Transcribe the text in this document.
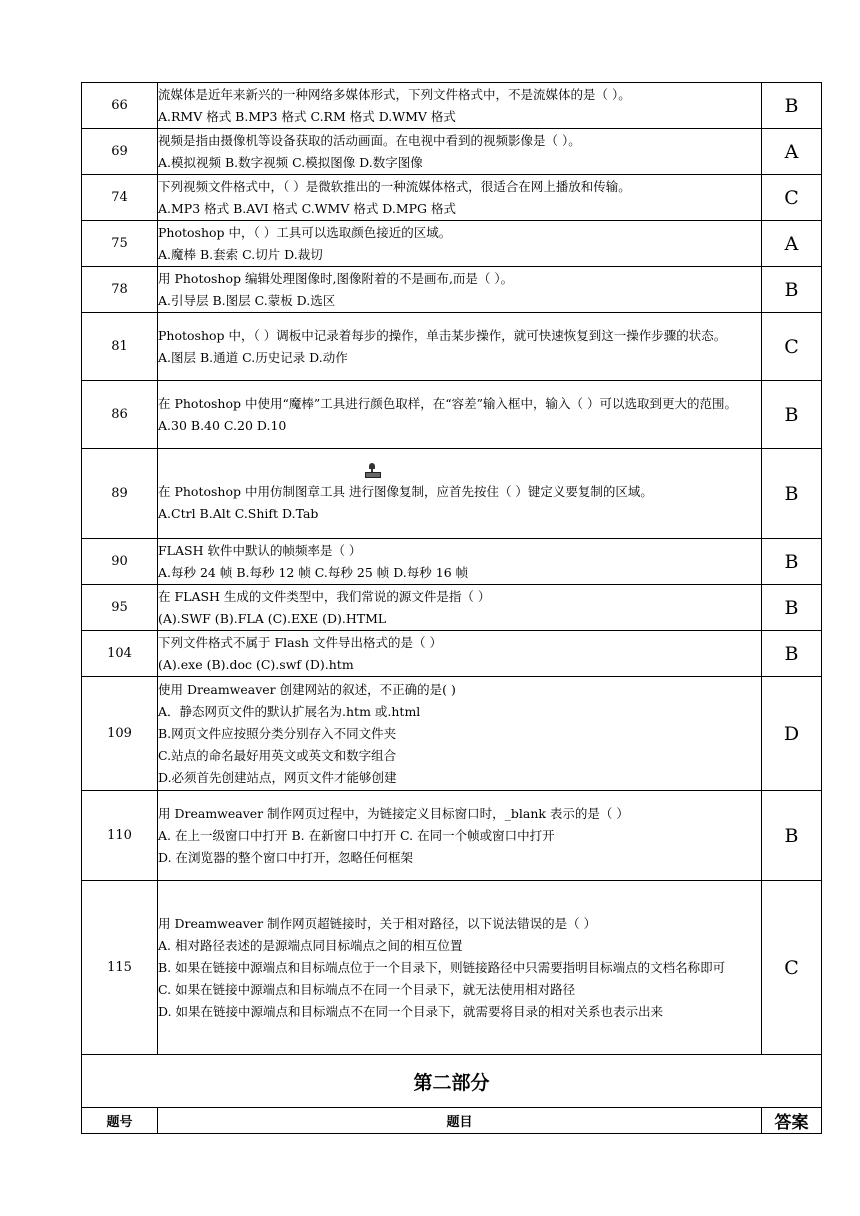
66	流媒体是近年来新兴的一种网络多媒体形式，下列文件格式中，不是流媒体的是（ ）。
A.RMV 格式 B.MP3 格式 C.RM 格式 D.WMV 格式	B
69	视频是指由摄像机等设备获取的活动画面。在电视中看到的视频影像是（ ）。
A.模拟视频 B.数字视频 C.模拟图像 D.数字图像	A
74	下列视频文件格式中，（ ）是微软推出的一种流媒体格式，很适合在网上播放和传输。
A.MP3 格式 B.AVI 格式 C.WMV 格式 D.MPG 格式	C
75	Photoshop 中，（ ）工具可以选取颜色接近的区域。
A.魔棒 B.套索 C.切片 D.裁切	A
78	用 Photoshop 编辑处理图像时,图像附着的不是画布,而是（ ）。
A.引导层 B.图层 C.蒙板 D.选区	B
81	Photoshop 中，（ ）调板中记录着每步的操作，单击某步操作，就可快速恢复到这一操作步骤的状态。
A.图层 B.通道 C.历史记录 D.动作	C
86	在 Photoshop 中使用“魔棒”工具进行颜色取样，在“容差”输入框中，输入（ ）可以选取到更大的范围。
A.30 B.40 C.20 D.10	B
89	在 Photoshop 中用仿制图章工具 进行图像复制，应首先按住（ ）键定义要复制的区域。
A.Ctrl B.Alt C.Shift D.Tab	B
90	FLASH 软件中默认的帧频率是（ ）
A.每秒 24 帧 B.每秒 12 帧 C.每秒 25 帧 D.每秒 16 帧	B
95	在 FLASH 生成的文件类型中，我们常说的源文件是指（ ）
(A).SWF (B).FLA (C).EXE (D).HTML	B
104	下列文件格式不属于 Flash 文件导出格式的是（ ）
(A).exe (B).doc (C).swf (D).htm	B
109	使用 Dreamweaver 创建网站的叙述，不正确的是( )
A．静态网页文件的默认扩展名为.htm 或.html
B.网页文件应按照分类分别存入不同文件夹
C.站点的命名最好用英文或英文和数字组合
D.必须首先创建站点，网页文件才能够创建	D
110	用 Dreamweaver 制作网页过程中，为链接定义目标窗口时，_blank 表示的是（ ）
A. 在上一级窗口中打开 B. 在新窗口中打开 C. 在同一个帧或窗口中打开
D. 在浏览器的整个窗口中打开，忽略任何框架	B
115	用 Dreamweaver 制作网页超链接时，关于相对路径，以下说法错误的是（ ）
A. 相对路径表述的是源端点同目标端点之间的相互位置
B. 如果在链接中源端点和目标端点位于一个目录下，则链接路径中只需要指明目标端点的文档名称即可
C. 如果在链接中源端点和目标端点不在同一个目录下，就无法使用相对路径
D. 如果在链接中源端点和目标端点不在同一个目录下，就需要将目录的相对关系也表示出来	C
第二部分		
题号	题目	答案
